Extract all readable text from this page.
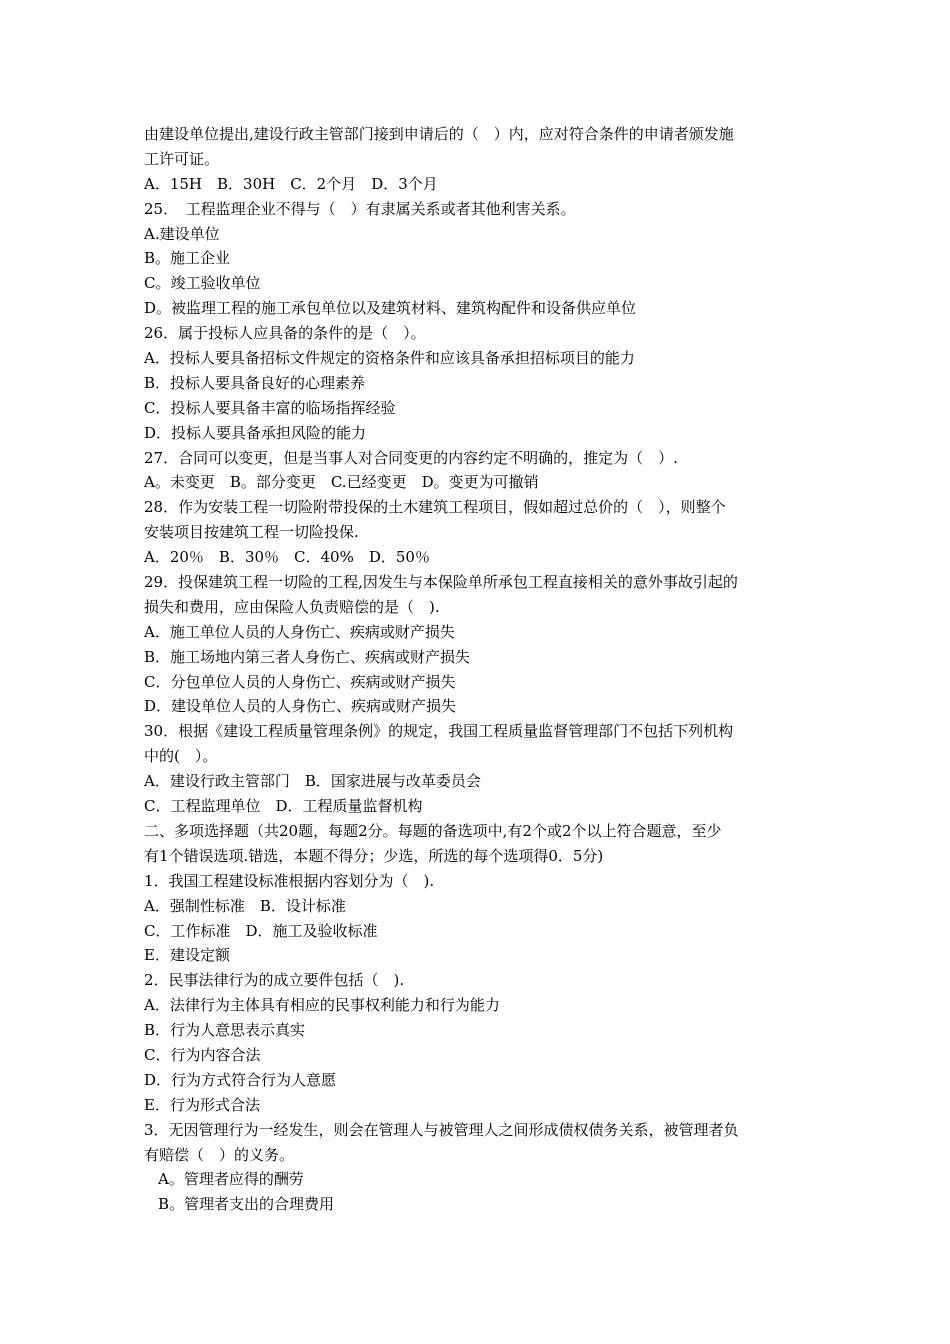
由建设单位提出,建设行政主管部门接到申请后的（　）内，应对符合条件的申请者颁发施
工许可证。
A．15H　B．30H　C．2个月　D．3个月
25．　工程监理企业不得与（　）有隶属关系或者其他利害关系。
A.建设单位
B。施工企业
C。竣工验收单位
D。被监理工程的施工承包单位以及建筑材料、建筑构配件和设备供应单位
26．属于投标人应具备的条件的是（　）。
A．投标人要具备招标文件规定的资格条件和应该具备承担招标项目的能力
B．投标人要具备良好的心理素养
C．投标人要具备丰富的临场指挥经验
D．投标人要具备承担风险的能力
27．合同可以变更，但是当事人对合同变更的内容约定不明确的，推定为（　）.
A。未变更　B。部分变更　C.已经变更　D。变更为可撤销
28．作为安装工程一切险附带投保的土木建筑工程项目，假如超过总价的（　），则整个
安装项目按建筑工程一切险投保.
A．20％　B．30％　C．40%　D．50％
29．投保建筑工程一切险的工程,因发生与本保险单所承包工程直接相关的意外事故引起的
损失和费用，应由保险人负责赔偿的是（　).
A．施工单位人员的人身伤亡、疾病或财产损失
B．施工场地内第三者人身伤亡、疾病或财产损失
C．分包单位人员的人身伤亡、疾病或财产损失
D．建设单位人员的人身伤亡、疾病或财产损失
30．根据《建设工程质量管理条例》的规定，我国工程质量监督管理部门不包括下列机构
中的(　）。
A．建设行政主管部门　B．国家进展与改革委员会
C．工程监理单位　D．工程质量监督机构
二、多项选择题（共20题，每题2分。每题的备选项中,有2个或2个以上符合题意，至少
有1个错误选项.错选，本题不得分；少选，所选的每个选项得0．5分)
1．我国工程建设标准根据内容划分为（　).
A．强制性标准　B．设计标准
C．工作标准　D．施工及验收标准
E．建设定额
2．民事法律行为的成立要件包括（　).
A．法律行为主体具有相应的民事权利能力和行为能力
B．行为人意思表示真实
C．行为内容合法
D．行为方式符合行为人意愿
E．行为形式合法
3．无因管理行为一经发生，则会在管理人与被管理人之间形成债权债务关系，被管理者负
有赔偿（　）的义务。
A。管理者应得的酬劳
B。管理者支出的合理费用
